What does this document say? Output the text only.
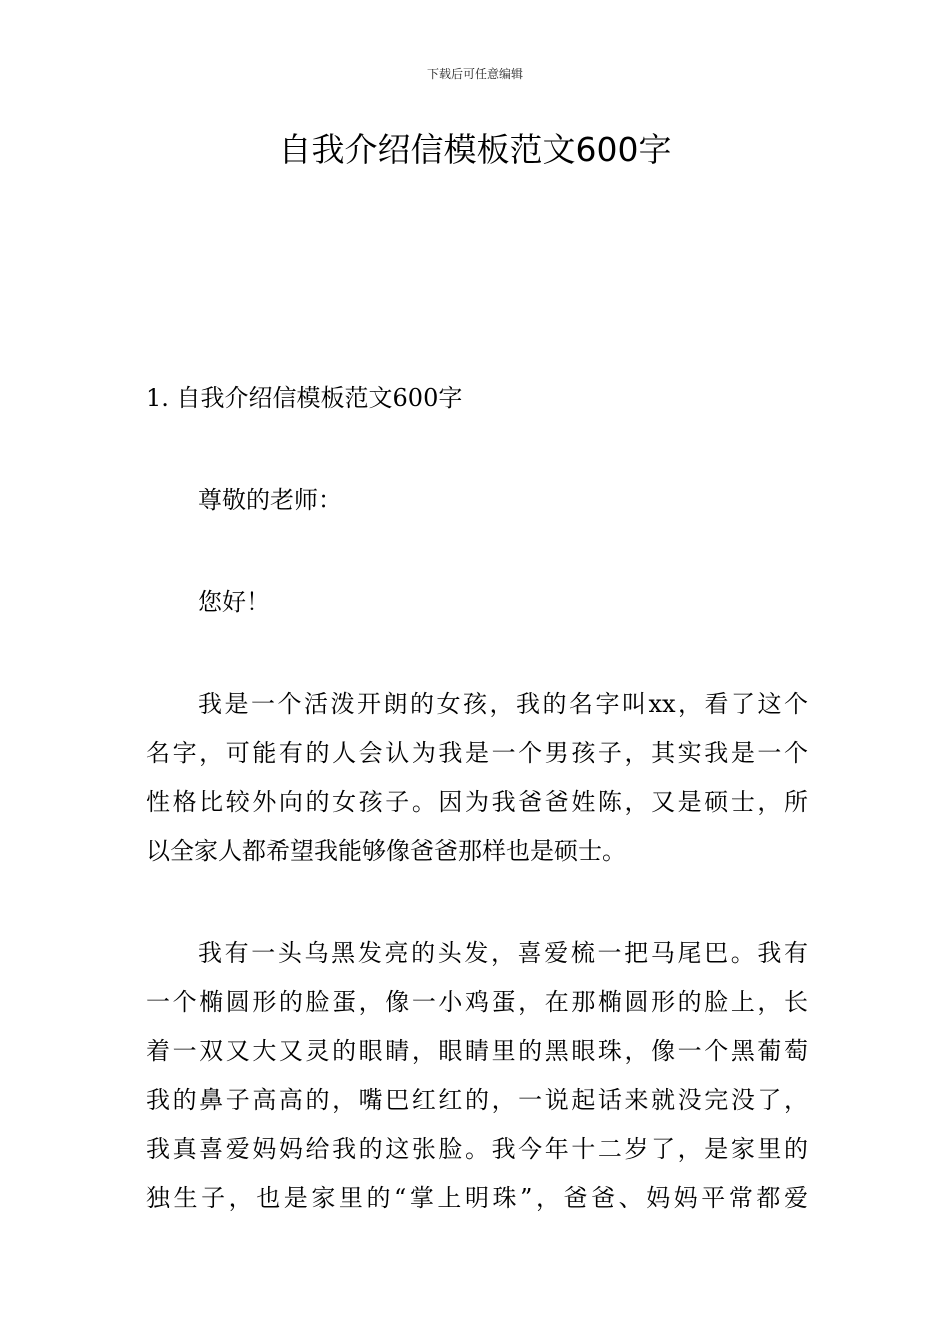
下载后可任意编辑
自我介绍信模板范文600字
1. 自我介绍信模板范文600字
尊敬的老师：
您好！
我是一个活泼开朗的女孩，我的名字叫xx，看了这个
名字，可能有的人会认为我是一个男孩子，其实我是一个
性格比较外向的女孩子。因为我爸爸姓陈，又是硕士，所
以全家人都希望我能够像爸爸那样也是硕士。
我有一头乌黑发亮的头发，喜爱梳一把马尾巴。我有
一个椭圆形的脸蛋，像一小鸡蛋，在那椭圆形的脸上，长
着一双又大又灵的眼睛，眼睛里的黑眼珠，像一个黑葡萄
我的鼻子高高的，嘴巴红红的，一说起话来就没完没了，
我真喜爱妈妈给我的这张脸。我今年十二岁了，是家里的
独生子，也是家里的“掌上明珠”，爸爸、妈妈平常都爱
